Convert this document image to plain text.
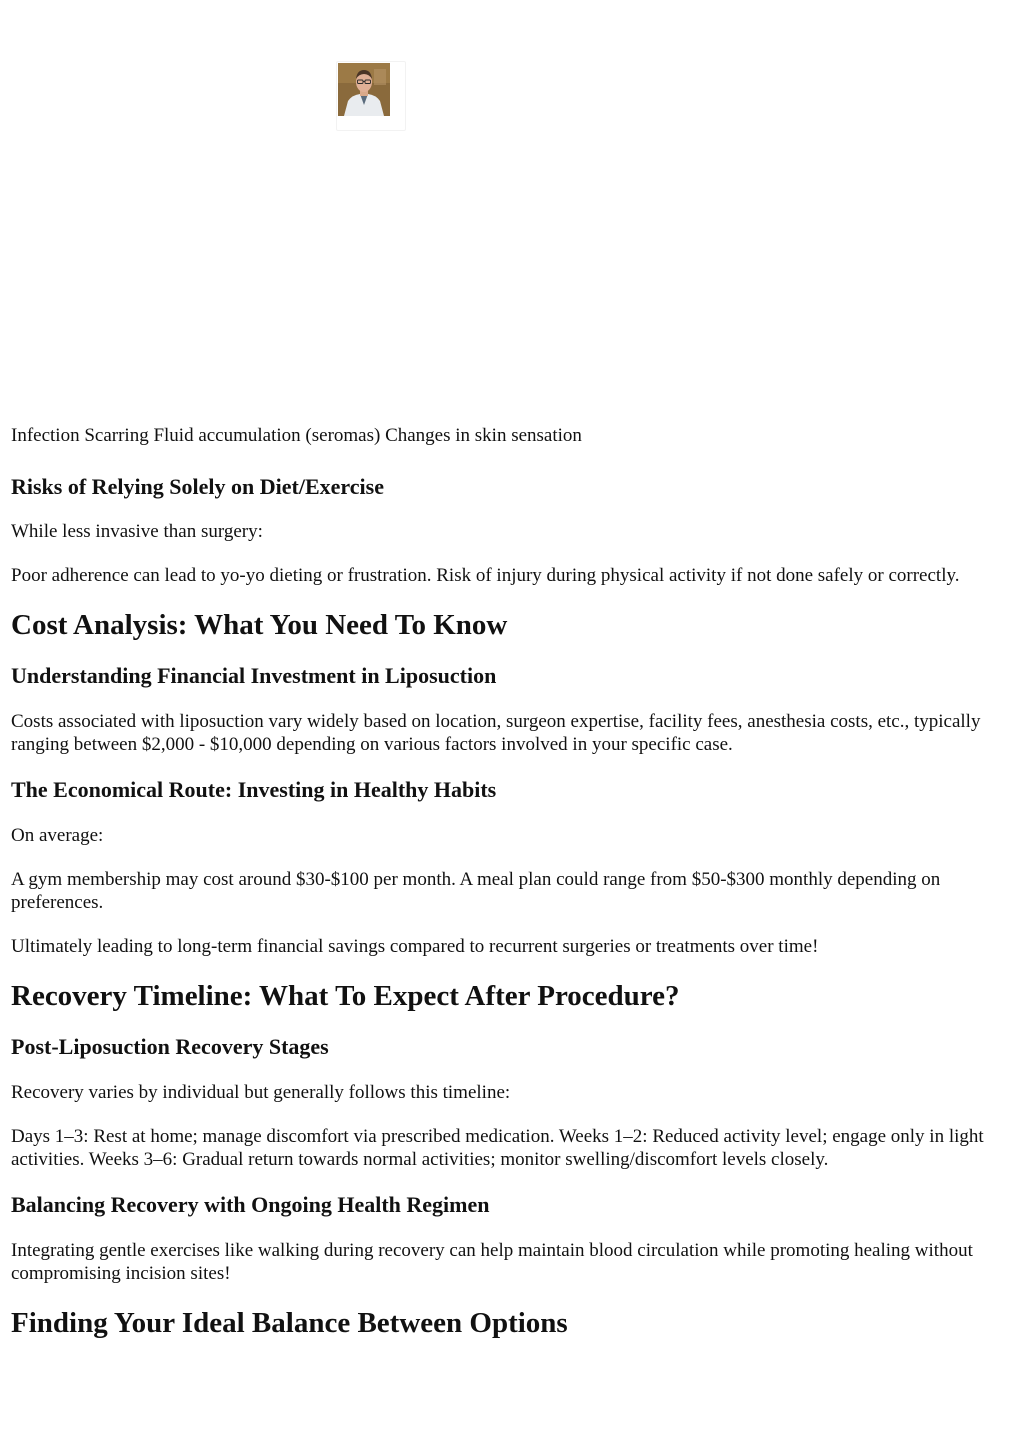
Infection Scarring Fluid accumulation (seromas) Changes in skin sensation

Risks of Relying Solely on Diet/Exercise

While less invasive than surgery:

Poor adherence can lead to yo-yo dieting or frustration. Risk of injury during physical activity if not done safely or correctly.

Cost Analysis: What You Need To Know
Understanding Financial Investment in Liposuction

Costs associated with liposuction vary widely based on location, surgeon expertise, facility fees, anesthesia costs, etc., typically ranging between $2,000 - $10,000 depending on various factors involved in your specific case.

The Economical Route: Investing in Healthy Habits

On average:

A gym membership may cost around $30-$100 per month. A meal plan could range from $50-$300 monthly depending on preferences.

Ultimately leading to long-term financial savings compared to recurrent surgeries or treatments over time!

Recovery Timeline: What To Expect After Procedure?
Post-Liposuction Recovery Stages

Recovery varies by individual but generally follows this timeline:

Days 1–3: Rest at home; manage discomfort via prescribed medication. Weeks 1–2: Reduced activity level; engage only in light activities. Weeks 3–6: Gradual return towards normal activities; monitor swelling/discomfort levels closely.

Balancing Recovery with Ongoing Health Regimen

Integrating gentle exercises like walking during recovery can help maintain blood circulation while promoting healing without compromising incision sites!

Finding Your Ideal Balance Between Options
